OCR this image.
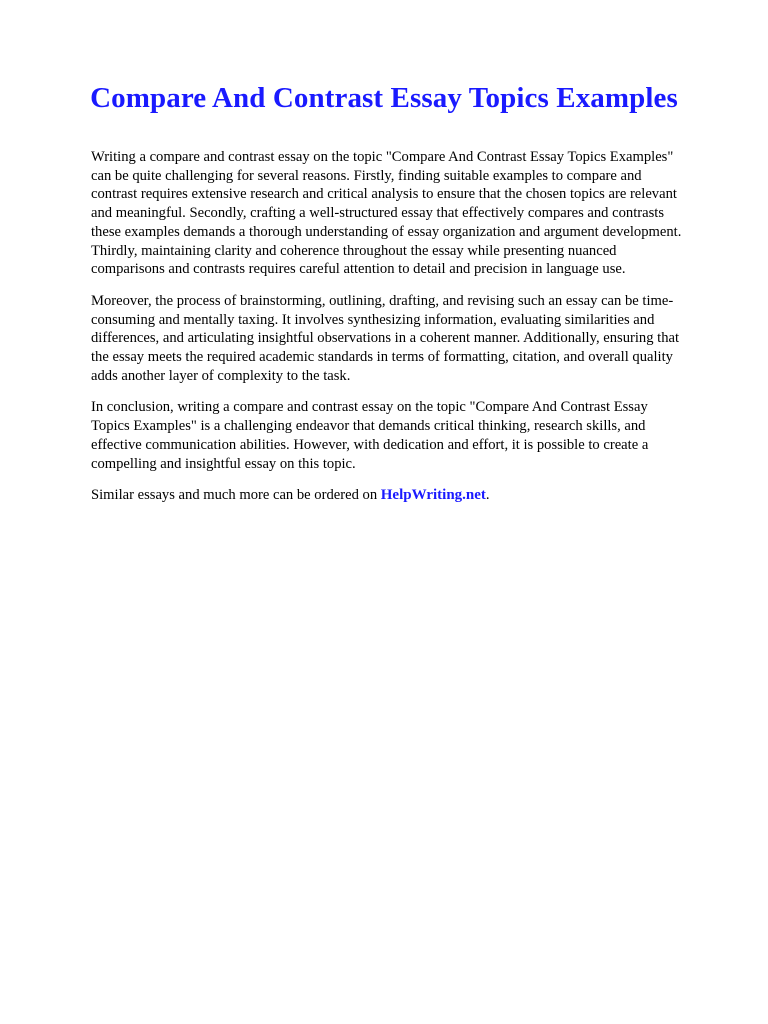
Compare And Contrast Essay Topics Examples

Writing a compare and contrast essay on the topic "Compare And Contrast Essay Topics Examples"
can be quite challenging for several reasons. Firstly, finding suitable examples to compare and
contrast requires extensive research and critical analysis to ensure that the chosen topics are relevant
and meaningful. Secondly, crafting a well-structured essay that effectively compares and contrasts
these examples demands a thorough understanding of essay organization and argument development.
Thirdly, maintaining clarity and coherence throughout the essay while presenting nuanced
comparisons and contrasts requires careful attention to detail and precision in language use.

Moreover, the process of brainstorming, outlining, drafting, and revising such an essay can be time-
consuming and mentally taxing. It involves synthesizing information, evaluating similarities and
differences, and articulating insightful observations in a coherent manner. Additionally, ensuring that
the essay meets the required academic standards in terms of formatting, citation, and overall quality
adds another layer of complexity to the task.

In conclusion, writing a compare and contrast essay on the topic "Compare And Contrast Essay
Topics Examples" is a challenging endeavor that demands critical thinking, research skills, and
effective communication abilities. However, with dedication and effort, it is possible to create a
compelling and insightful essay on this topic.

Similar essays and much more can be ordered on HelpWriting.net.
